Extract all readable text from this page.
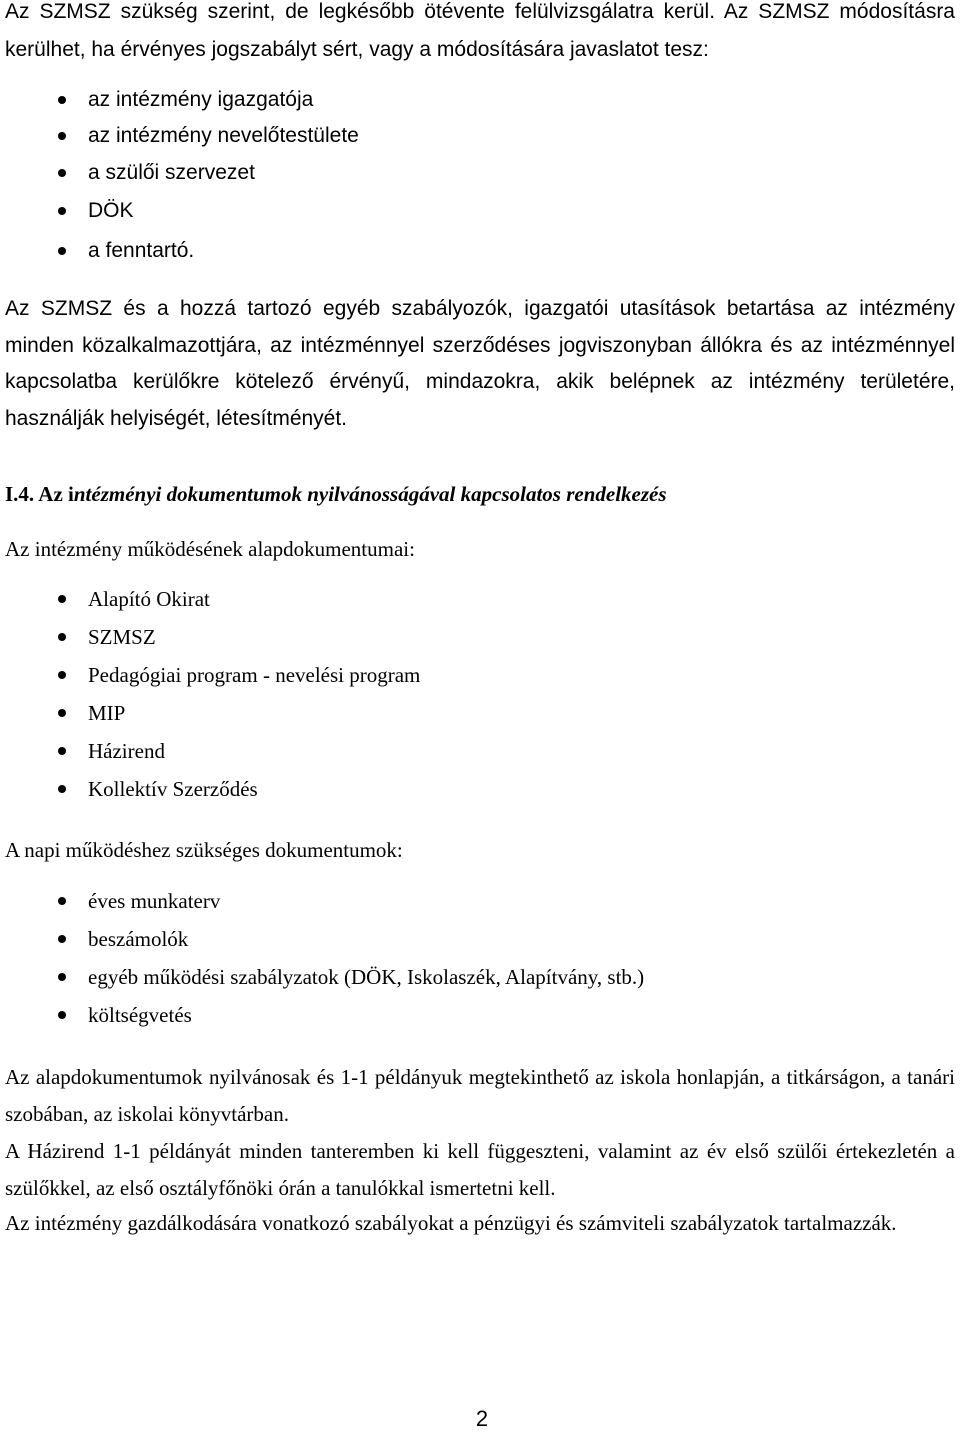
Az SZMSZ szükség szerint, de legkésőbb ötévente felülvizsgálatra kerül. Az SZMSZ módosításra kerülhet, ha érvényes jogszabályt sért, vagy a módosítására javaslatot tesz:
az intézmény igazgatója
az intézmény nevelőtestülete
a szülői szervezet
DÖK
a fenntartó.
Az SZMSZ és a hozzá tartozó egyéb szabályozók, igazgatói utasítások betartása az intézmény minden közalkalmazottjára, az intézménnyel szerződéses jogviszonyban állókra és az intézménnyel kapcsolatba kerülőkre kötelező érvényű, mindazokra, akik belépnek az intézmény területére, használják helyiségét, létesítményét.
I.4. Az intézményi dokumentumok nyilvánosságával kapcsolatos rendelkezés
Az intézmény működésének alapdokumentumai:
Alapító Okirat
SZMSZ
Pedagógiai program - nevelési program
MIP
Házirend
Kollektív Szerződés
A napi működéshez szükséges dokumentumok:
éves munkaterv
beszámolók
egyéb működési szabályzatok (DÖK, Iskolaszék, Alapítvány, stb.)
költségvetés
Az alapdokumentumok nyilvánosak és 1-1 példányuk megtekinthető az iskola honlapján, a titkárságon, a tanári szobában, az iskolai könyvtárban.
A Házirend 1-1 példányát minden tanteremben ki kell függeszteni, valamint az év első szülői értekezletén a szülőkkel, az első osztályfőnöki órán a tanulókkal ismertetni kell.
Az intézmény gazdálkodására vonatkozó szabályokat a pénzügyi és számviteli szabályzatok tartalmazzák.
2
